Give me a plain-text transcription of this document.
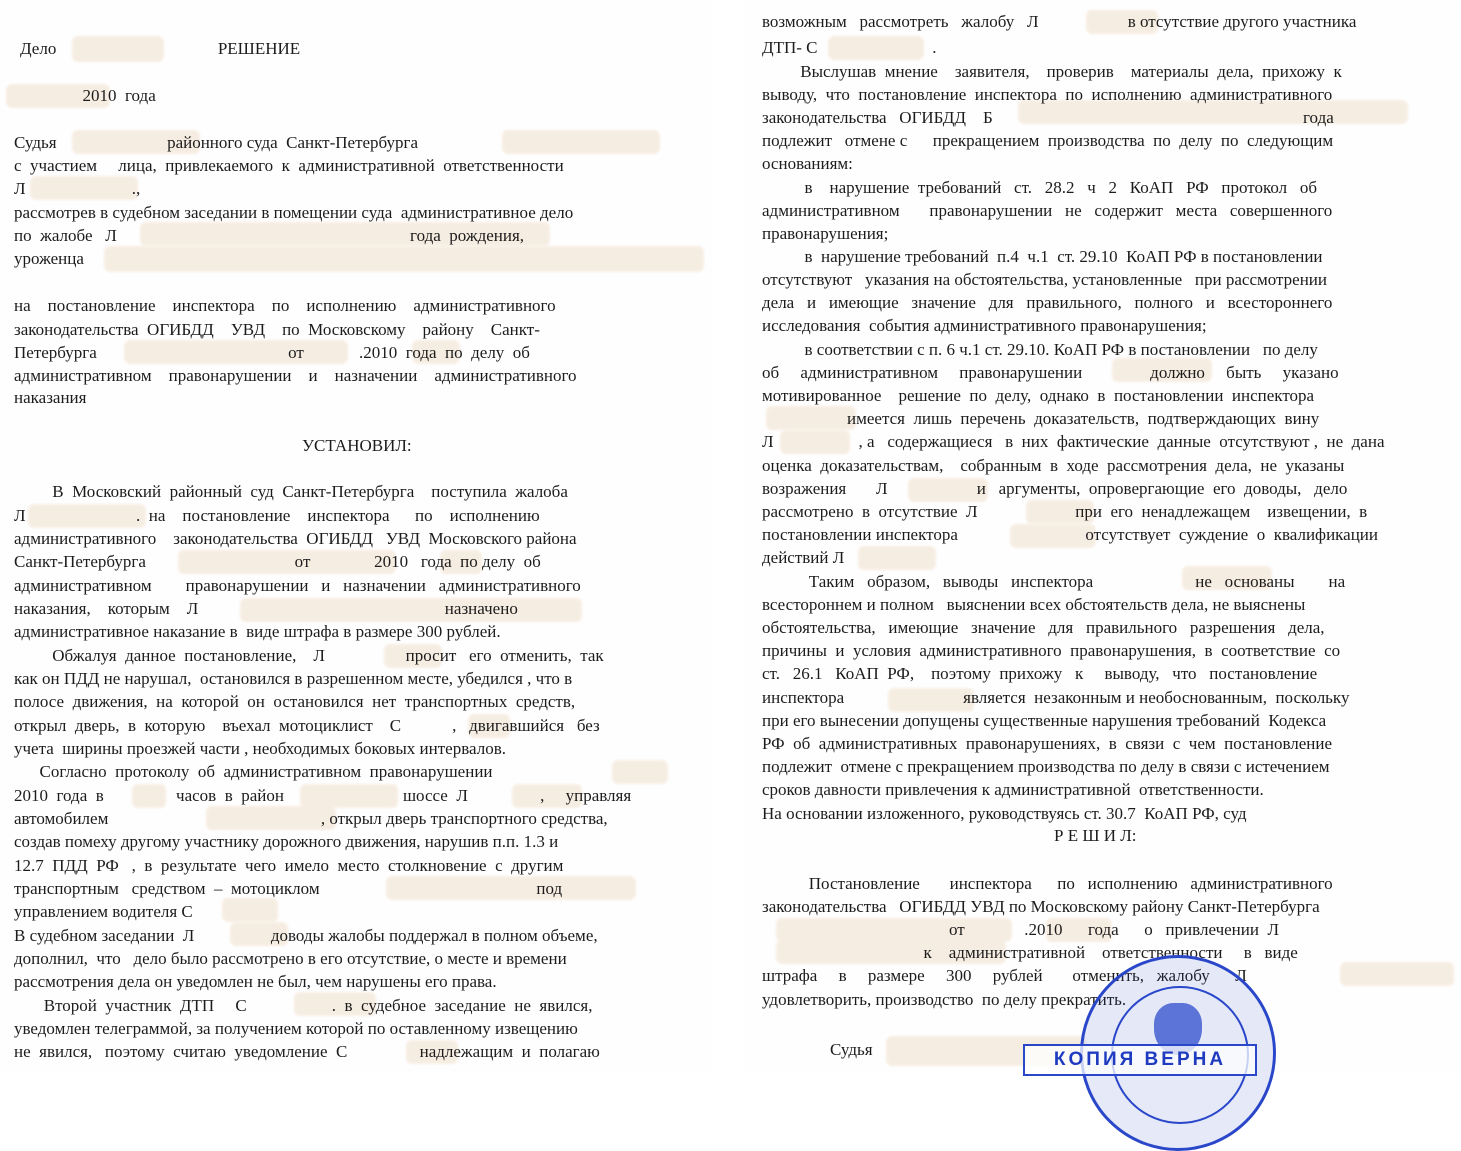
Дело                                      РЕШЕНИЕ
2010  года
Судья                          районного суда  Санкт-Петербурга
с  участием     лица,  привлекаемого  к  административной  ответственности
Л                         .,
рассмотрев в судебном заседании в помещении суда  административное дело
по  жалобе   Л                                                                     года  рождения,
уроженца
на    постановление    инспектора    по    исполнению    административного
законодательства  ОГИБДД    УВД    по  Московскому    району    Санкт-
Петербурга                                             от             .2010  года  по  делу  об
административном    правонарушении    и    назначении    административного
наказания
УСТАНОВИЛ:
В  Московский  районный  суд  Санкт-Петербурга    поступила  жалоба
Л                          .  на    постановление    инспектора      по    исполнению
административного    законодательства  ОГИБДД   УВД  Московского района
Санкт-Петербурга                                   от               2010   года  по делу  об
административном        правонарушении   и   назначении   административного
наказания,    которым    Л                                                          назначено
административное наказание в  виде штрафа в размере 300 рублей.
Обжалуя  данное  постановление,    Л                   просит   его  отменить,  так
как он ПДД не нарушал,  остановился в разрешенном месте, убедился , что в
полосе  движения,  на  которой  он  остановился  нет  транспортных  средств,
открыл  дверь,  в  которую    въехал  мотоциклист    С            ,   двигавшийся   без
учета  ширины проезжей части , необходимых боковых интервалов.
Согласно  протоколу  об  административном  правонарушении
2010  года  в                 часов  в  район                            шоссе  Л                 ,     управляя
автомобилем                                                  , открыл дверь транспортного средства,
создав помеху другому участнику дорожного движения, нарушив п.п. 1.3 и
12.7  ПДД  РФ   ,  в  результате  чего  имело  место  столкновение  с  другим
транспортным   средством  –  мотоциклом                                                   под
управлением водителя С
В судебном заседании  Л                  доводы жалобы поддержал в полном объеме,
дополнил,  что   дело было рассмотрено в его отсутствие, о месте и времени
рассмотрения дела он уведомлен не был, чем нарушены его права.
Второй  участник  ДТП     С                    .  в  судебное  заседание  не  явился,
уведомлен телеграммой, за получением которой по оставленному извещению
не  явился,   поэтому  считаю  уведомление  С                 надлежащим  и  полагаю
возможным   рассмотреть   жалобу   Л                     в отсутствие другого участника
ДТП- С                           .
Выслушав  мнение    заявителя,    проверив    материалы  дела,  прихожу  к
выводу,  что  постановление  инспектора  по  исполнению  административного
законодательства   ОГИБДД    Б                                                                         года
подлежит   отмене с      прекращением  производства  по  делу  по  следующим
основаниям:
в    нарушение  требований   ст.   28.2   ч   2   КоАП   РФ   протокол   об
административном       правонарушении   не   содержит   места   совершенного
правонарушения;
в  нарушение требований  п.4  ч.1  ст. 29.10  КоАП РФ в постановлении
отсутствуют   указания на обстоятельства, установленные   при рассмотрении
дела   и   имеющие   значение   для   правильного,   полного   и   всестороннего
исследования  события административного правонарушения;
в соответствии с п. 6 ч.1 ст. 29.10. КоАП РФ в постановлении   по делу
об     административном     правонарушении                должно     быть     указано
мотивированное    решение  по  делу,  однако  в  постановлении  инспектора
имеется  лишь  перечень  доказательств,  подтверждающих  вину
Л                    , а   содержащиеся   в  них  фактические  данные  отсутствуют ,  не  дана
оценка  доказательствам,    собранным  в  ходе  рассмотрения  дела,  не  указаны
возражения       Л                     и   аргументы,  опровергающие  его  доводы,   дело
рассмотрено  в  отсутствие  Л                       при  его  ненадлежащем    извещении,  в
постановлении инспектора                              отсутствует  суждение  о  квалификации
действий Л
Таким   образом,   выводы   инспектора                        не   основаны        на
всестороннем и полном   выяснении всех обстоятельств дела, не выяснены
обстоятельства,   имеющие   значение   для   правильного   разрешения   дела,
причины  и  условия  административного  правонарушения,  в  соответствие  со
ст.   26.1   КоАП  РФ,    поэтому  прихожу   к     выводу,   что   постановление
инспектора                            является  незаконным и необоснованным,  поскольку
при его вынесении допущены существенные нарушения требований  Кодекса
РФ  об  административных  правонарушениях,  в  связи  с  чем  постановление
подлежит  отмене с прекращением производства по делу в связи с истечением
сроков давности привлечения к административной  ответственности.
На основании изложенного, руководствуясь ст. 30.7  КоАП РФ, суд
Р Е Ш И Л:
Постановление       инспектора      по   исполнению   административного
законодательства   ОГИБДД УВД по Московскому району Санкт-Петербурга
от              .2010      года      о   привлечении  Л
к    административной    ответственности     в   виде
штрафа     в     размере     300     рублей       отменить,   жалобу      Л
удовлетворить, производство  по делу прекратить.
Судья	КОПИЯ ВЕРНА
